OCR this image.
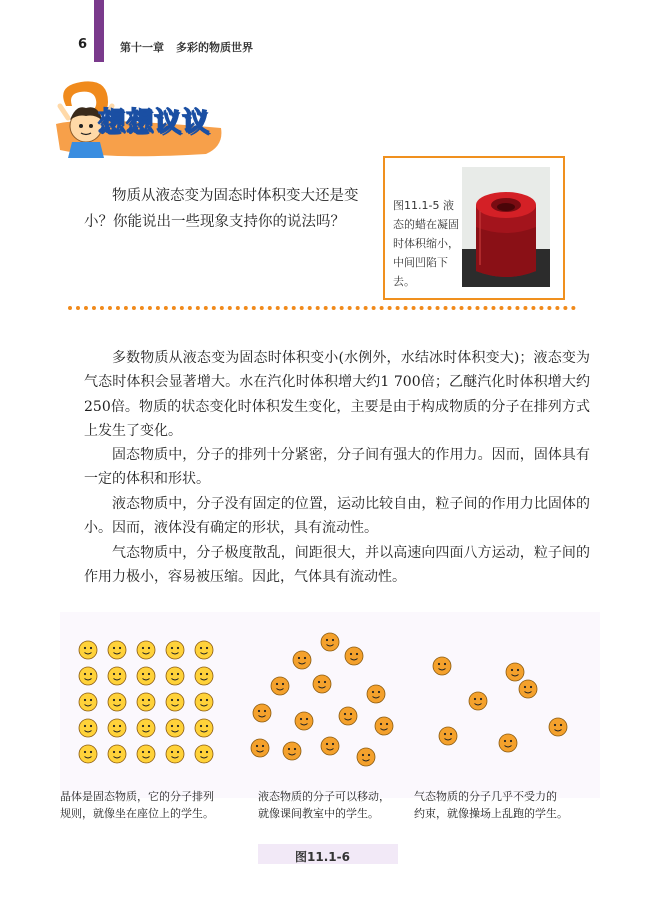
6	第十一章 多彩的物质世界
想想议议
物质从液态变为固态时体积变大还是变小？你能说出一些现象支持你的说法吗？
图11.1-5 液态的蜡在凝固时体积缩小，中间凹陷下去。

多数物质从液态变为固态时体积变小(水例外，水结冰时体积变大)；液态变为气态时体积会显著增大。水在汽化时体积增大约1 700倍；乙醚汽化时体积增大约250倍。物质的状态变化时体积发生变化，主要是由于构成物质的分子在排列方式上发生了变化。

固态物质中，分子的排列十分紧密，分子间有强大的作用力。因而，固体具有一定的体积和形状。

液态物质中，分子没有固定的位置，运动比较自由，粒子间的作用力比固体的小。因而，液体没有确定的形状，具有流动性。

气态物质中，分子极度散乱，间距很大，并以高速向四面八方运动，粒子间的作用力极小，容易被压缩。因此，气体具有流动性。

晶体是固态物质，它的分子排列
规则，就像坐在座位上的学生。
液态物质的分子可以移动，
就像课间教室中的学生。
气态物质的分子几乎不受力的
约束，就像操场上乱跑的学生。
图11.1-6
